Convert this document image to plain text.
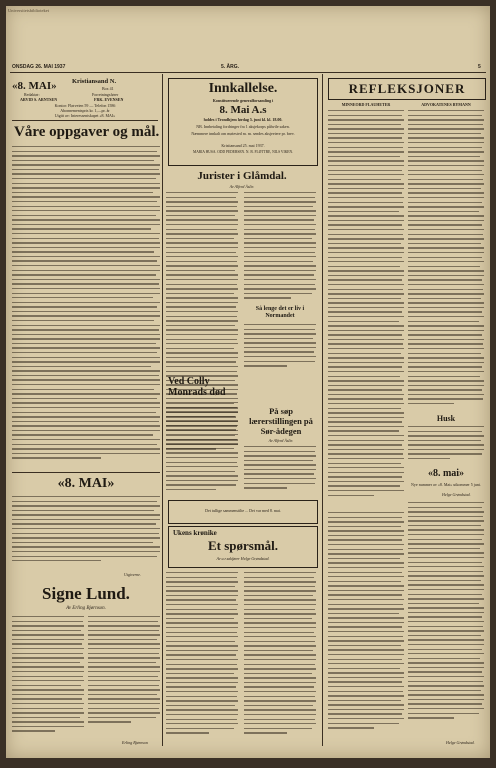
Universitetsbiblioteket
ONSDAG 26. MAI 1937	5. ÅRG.	5
«8. MAI» Kristiansand N.
Box 41
Redaktør:	Forretningsfører
ARVID S. ARNTSEN	FRK. EVENSEN
Kontor: Flørveien 59 — Telefon 1586
Abonnementspris kr. 1,—pr. år
Utgitt av: Interessentskapet «8. MAI»
Våre oppgaver og mål.
Innkallelse.
Konstituerende generalforsamling i
8. Mai A.s
holdes i Trondhjem lørdag 5. juni kl. kl. 18.00.
NB. Innbetaling fordringer fra 1 aksjekorps påhvile saken.
Næmmere innkalt om møtested m. m. sendes aksjeeiere pr. brev.
Kristiansand 25. mai 1937.
MARIA HUSA. ODD PEDERSEN. N. B. FLØTTRE, NILS VIKEN.
Jurister i Glåmdal.
Av Alfred Åslie.
Ved Colly Monrads død
Så lenge det er liv i Normandet
På søp lærerstillingen på Sør-ådegen
Av Alfred Åslie.
Det tullige sammenstilte ... Det var med 8. mai.
Ukens krønike
Et spørsmål.
Av u.r.sakfører Helge Grøndstad.
REFLEKSJONER
MINNEORD FLAUHETER	ADVOKATENES BYMANN
Husk
«8. mai»
Nye nummer av «8. Mai» utkommer 5 juni.
Helge Grøndstad.
Helge Grøndstad.
«8. MAI»
Utgiverne.
Signe Lund.
Av Erling Bjørnson.
Erling Bjørnson
